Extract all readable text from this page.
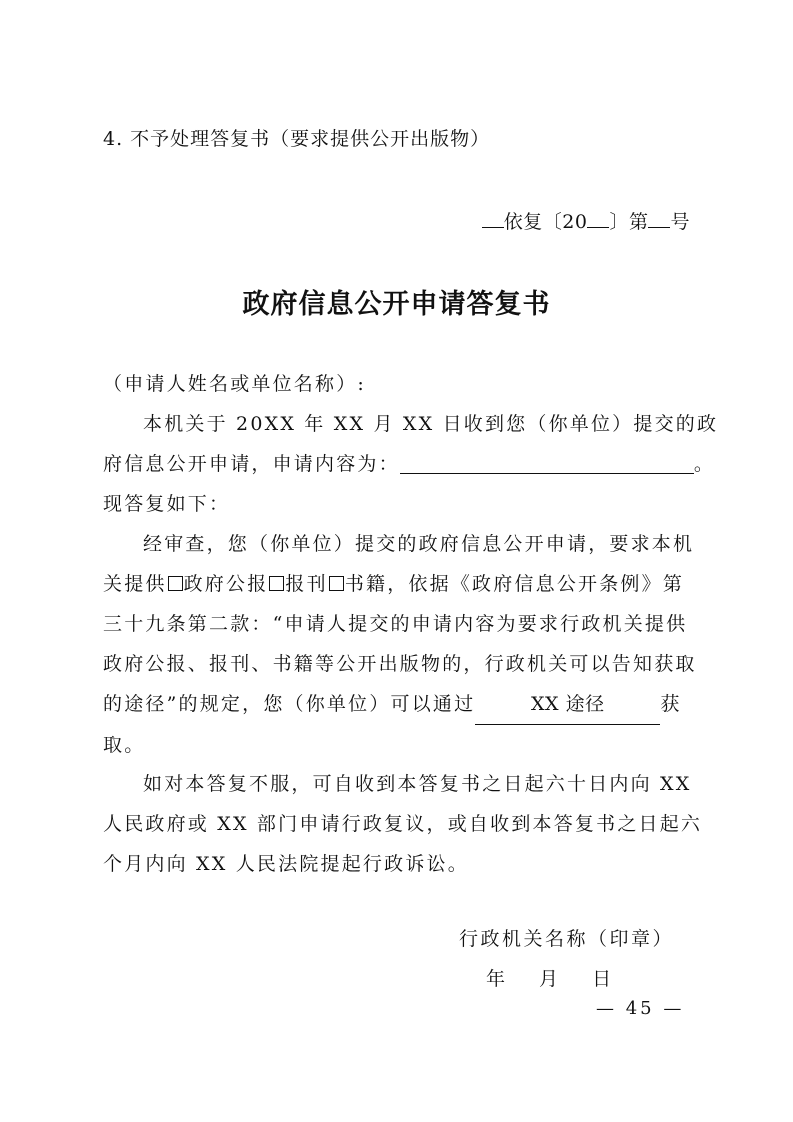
4. 不予处理答复书（要求提供公开出版物）
依复〔20 〕第 号
政府信息公开申请答复书
（申请人姓名或单位名称）:
本机关于 20XX 年 XX 月 XX 日收到您（你单位）提交的政
府信息公开申请，申请内容为：	。
现答复如下：
经审查，您（你单位）提交的政府信息公开申请，要求本机
关提供 政府公报 报刊 书籍，依据《政府信息公开条例》第
三十九条第二款：“申请人提交的申请内容为要求行政机关提供
政府公报、报刊、书籍等公开出版物的，行政机关可以告知获取
的途径”的规定，您（你单位）可以通过	XX 途径	获
取。
如对本答复不服，可自收到本答复书之日起六十日内向 XX
人民政府或 XX 部门申请行政复议，或自收到本答复书之日起六
个月内向 XX 人民法院提起行政诉讼。
行政机关名称（印章）
年 月 日
— 45 —
